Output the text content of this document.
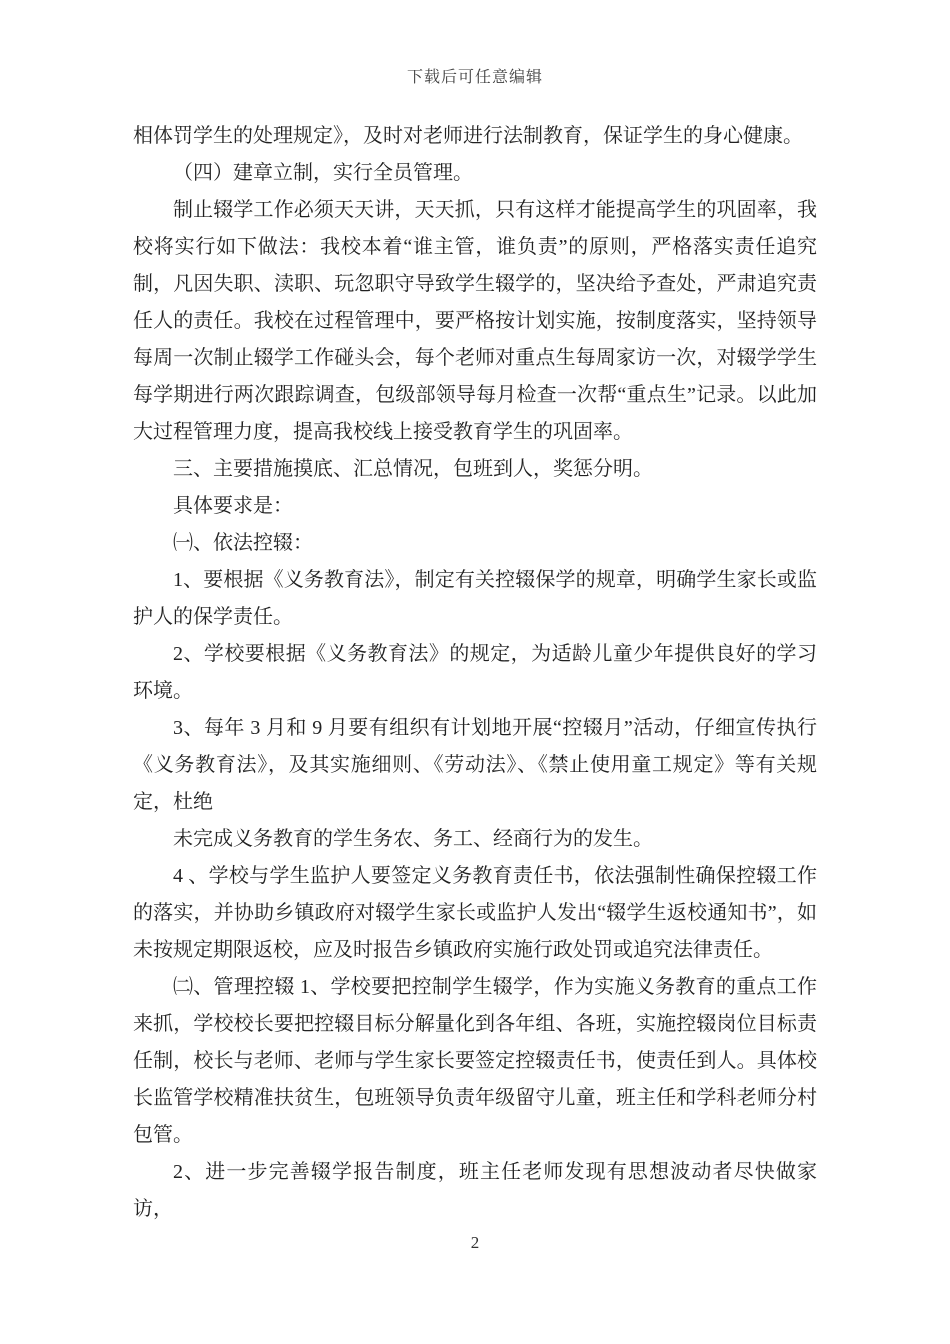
下载后可任意编辑

相体罚学生的处理规定》，及时对老师进行法制教育，保证学生的身心健康。

（四）建章立制，实行全员管理。

制止辍学工作必须天天讲，天天抓，只有这样才能提高学生的巩固率，我校将实行如下做法：我校本着“谁主管，谁负责”的原则，严格落实责任追究制，凡因失职、渎职、玩忽职守导致学生辍学的，坚决给予查处，严肃追究责任人的责任。我校在过程管理中，要严格按计划实施，按制度落实，坚持领导每周一次制止辍学工作碰头会，每个老师对重点生每周家访一次，对辍学学生每学期进行两次跟踪调查，包级部领导每月检查一次帮“重点生”记录。以此加大过程管理力度，提高我校线上接受教育学生的巩固率。

三、主要措施摸底、汇总情况，包班到人，奖惩分明。

具体要求是：

㈠、依法控辍：

1、要根据《义务教育法》，制定有关控辍保学的规章，明确学生家长或监护人的保学责任。

2、学校要根据《义务教育法》的规定，为适龄儿童少年提供良好的学习环境。

3、每年 3 月和 9 月要有组织有计划地开展“控辍月”活动，仔细宣传执行《义务教育法》，及其实施细则、《劳动法》、《禁止使用童工规定》等有关规定，杜绝

未完成义务教育的学生务农、务工、经商行为的发生。

4 、学校与学生监护人要签定义务教育责任书，依法强制性确保控辍工作的落实，并协助乡镇政府对辍学生家长或监护人发出“辍学生返校通知书”，如未按规定期限返校，应及时报告乡镇政府实施行政处罚或追究法律责任。

㈡、管理控辍 1、学校要把控制学生辍学，作为实施义务教育的重点工作来抓，学校校长要把控辍目标分解量化到各年组、各班，实施控辍岗位目标责任制，校长与老师、老师与学生家长要签定控辍责任书，使责任到人。具体校长监管学校精准扶贫生，包班领导负责年级留守儿童，班主任和学科老师分村包管。

2、进一步完善辍学报告制度，班主任老师发现有思想波动者尽快做家访，

2
